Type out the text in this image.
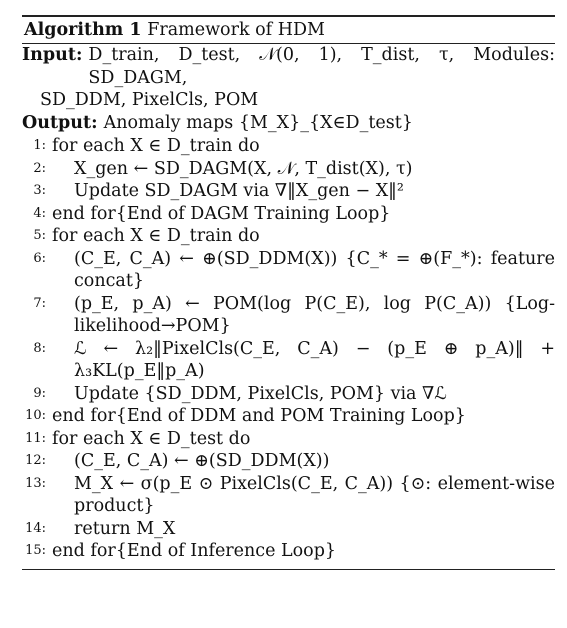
Algorithm 1 Framework of HDM
Input: D_train, D_test, 𝒩(0, 1), T_dist, τ, Modules: SD_DAGM,
SD_DDM, PixelCls, POM
Output: Anomaly maps {M_X}_{X∈D_test}
1: for each X ∈ D_train do
2:	X_gen ← SD_DAGM(X, 𝒩, T_dist(X), τ)
3:	Update SD_DAGM via ∇‖X_gen − X‖²
4: end for{End of DAGM Training Loop}
5: for each X ∈ D_train do
6:	(C_E, C_A) ← ⊕(SD_DDM(X)) {C_* = ⊕(F_*): feature
concat}
7:	(p_E, p_A) ← POM(log P(C_E), log P(C_A)) {Log-
likelihood→POM}
8:	ℒ ← λ₂‖PixelCls(C_E, C_A) − (p_E ⊕ p_A)‖ +
λ₃KL(p_E‖p_A)
9:	Update {SD_DDM, PixelCls, POM} via ∇ℒ
10: end for{End of DDM and POM Training Loop}
11: for each X ∈ D_test do
12:	(C_E, C_A) ← ⊕(SD_DDM(X))
13:	M_X ← σ(p_E ⊙ PixelCls(C_E, C_A)) {⊙: element-wise
product}
14:	return M_X
15: end for{End of Inference Loop}
